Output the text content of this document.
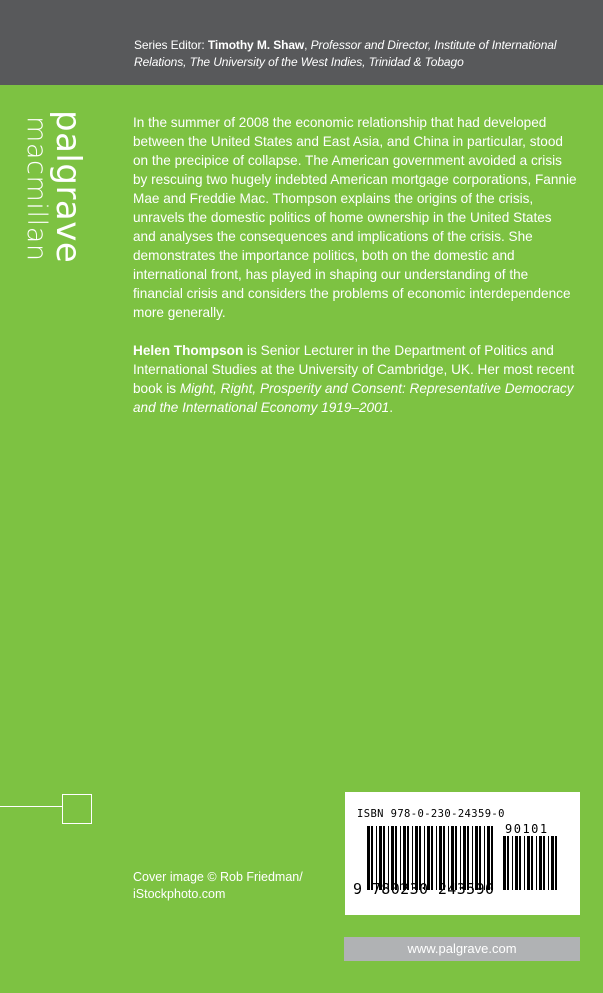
Series Editor: Timothy M. Shaw, Professor and Director, Institute of International Relations, The University of the West Indies, Trinidad & Tobago
palgrave
macmillan	In the summer of 2008 the economic relationship that had developed between the United States and East Asia, and China in particular, stood on the precipice of collapse. The American government avoided a crisis by rescuing two hugely indebted American mortgage corporations, Fannie Mae and Freddie Mac. Thompson explains the origins of the crisis, unravels the domestic politics of home ownership in the United States and analyses the consequences and implications of the crisis. She demonstrates the importance politics, both on the domestic and international front, has played in shaping our understanding of the financial crisis and considers the problems of economic interdependence more generally.

Helen Thompson is Senior Lecturer in the Department of Politics and International Studies at the University of Cambridge, UK. Her most recent book is Might, Right, Prosperity and Consent: Representative Democracy and the International Economy 1919–2001.

Cover image © Rob Friedman/
iStockphoto.com
ISBN 978-0-230-24359-0
90101
9 780230 243590
www.palgrave.com
